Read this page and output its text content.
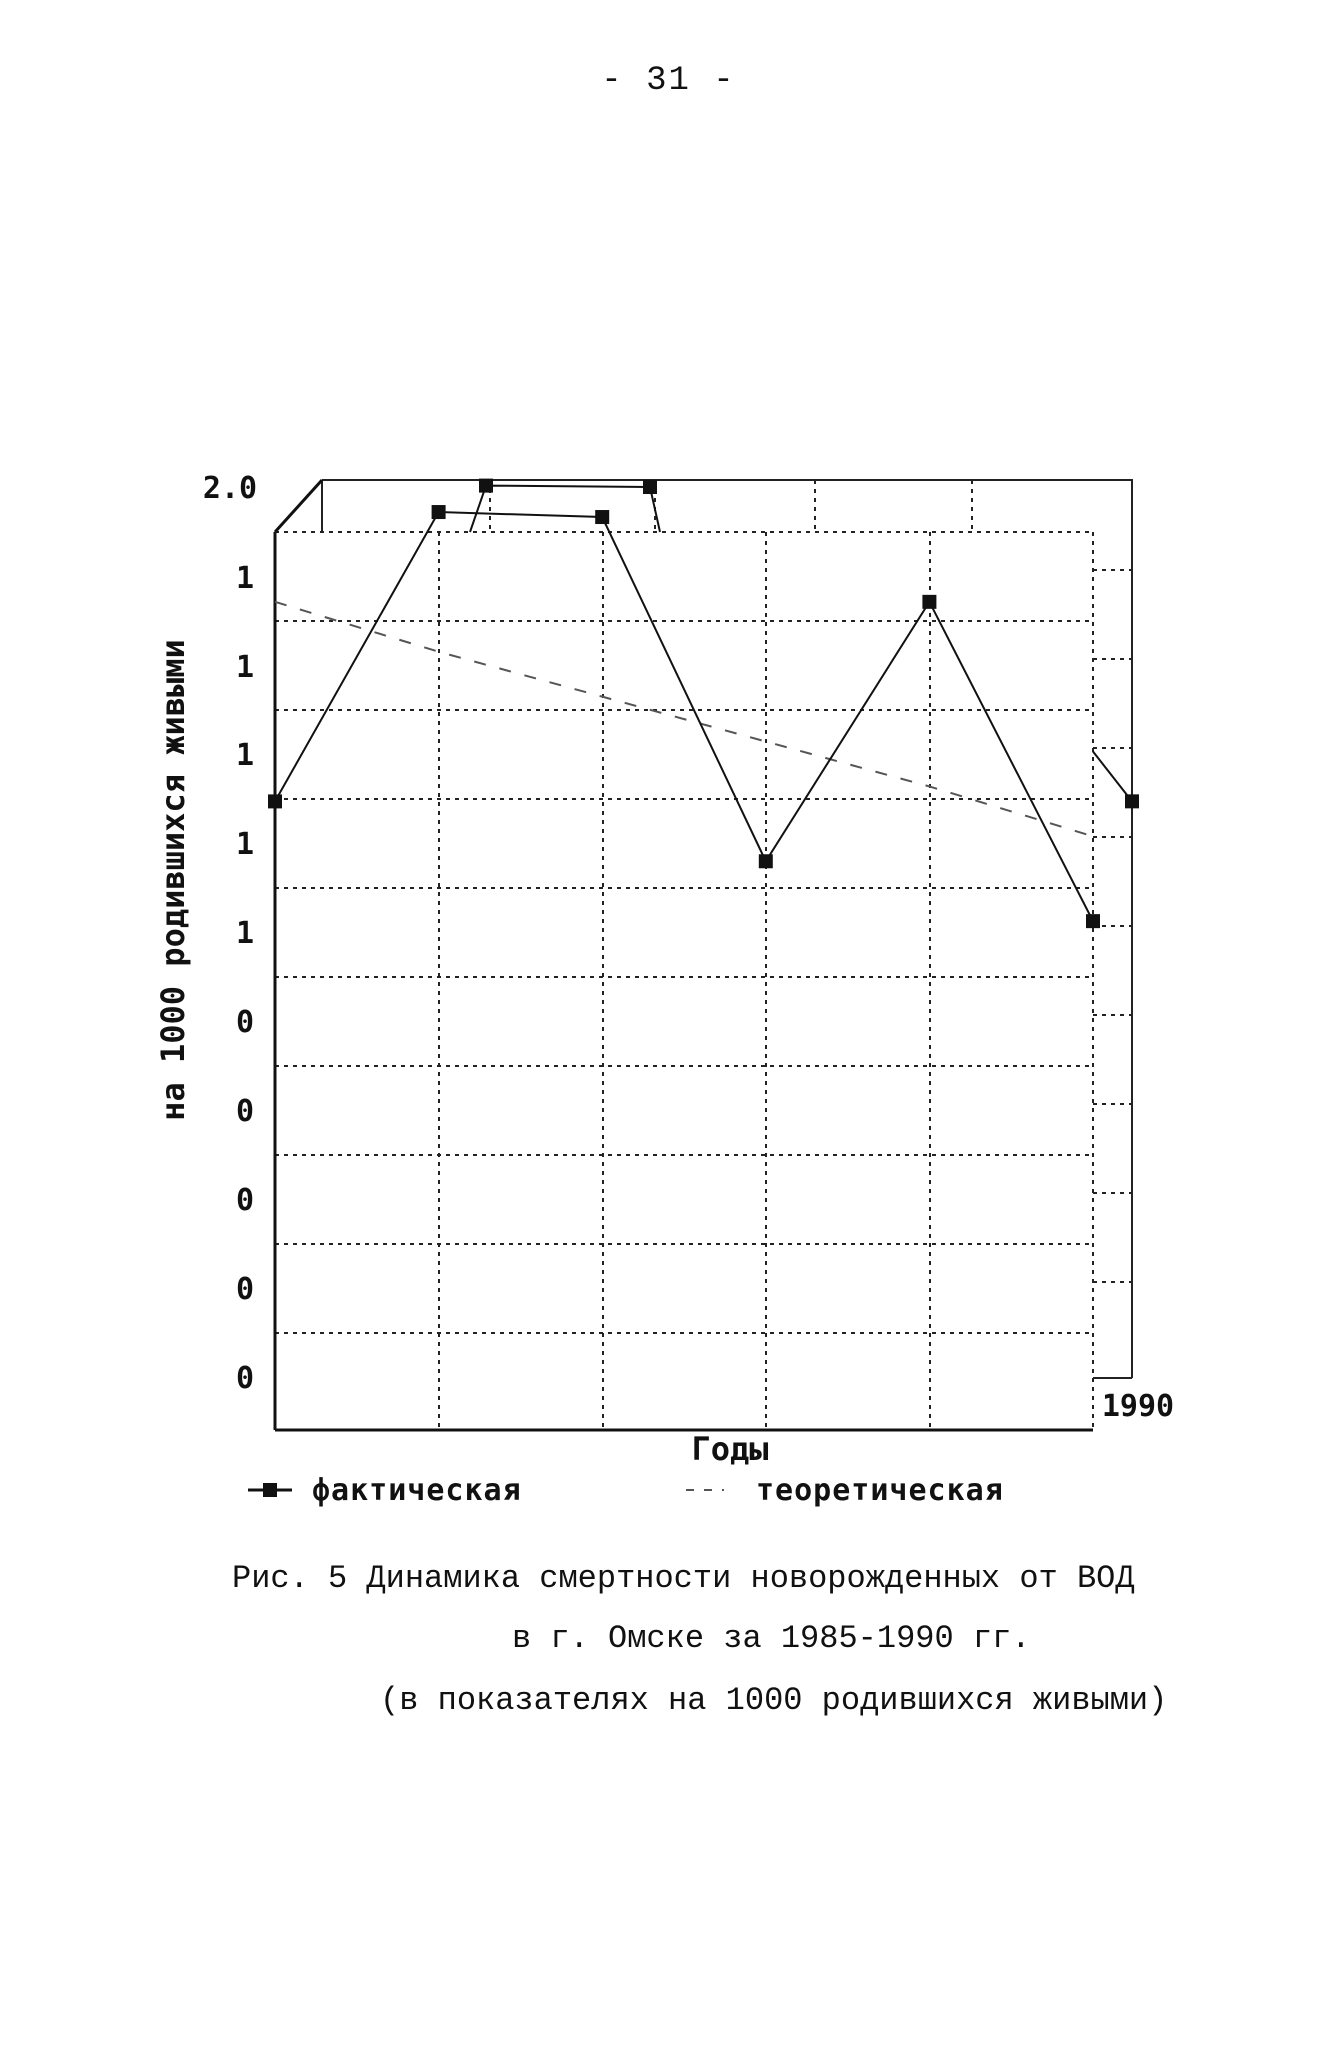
- 31 -
2.0
1
1
1
1
1
0
0
0
0
0
1990
на 1000 родившихся живыми
Годы
фактическая	теоретическая
Рис. 5 Динамика смертности новорожденных от ВОД
в г. Омске за 1985-1990 гг.
(в показателях на 1000 родившихся живыми)
